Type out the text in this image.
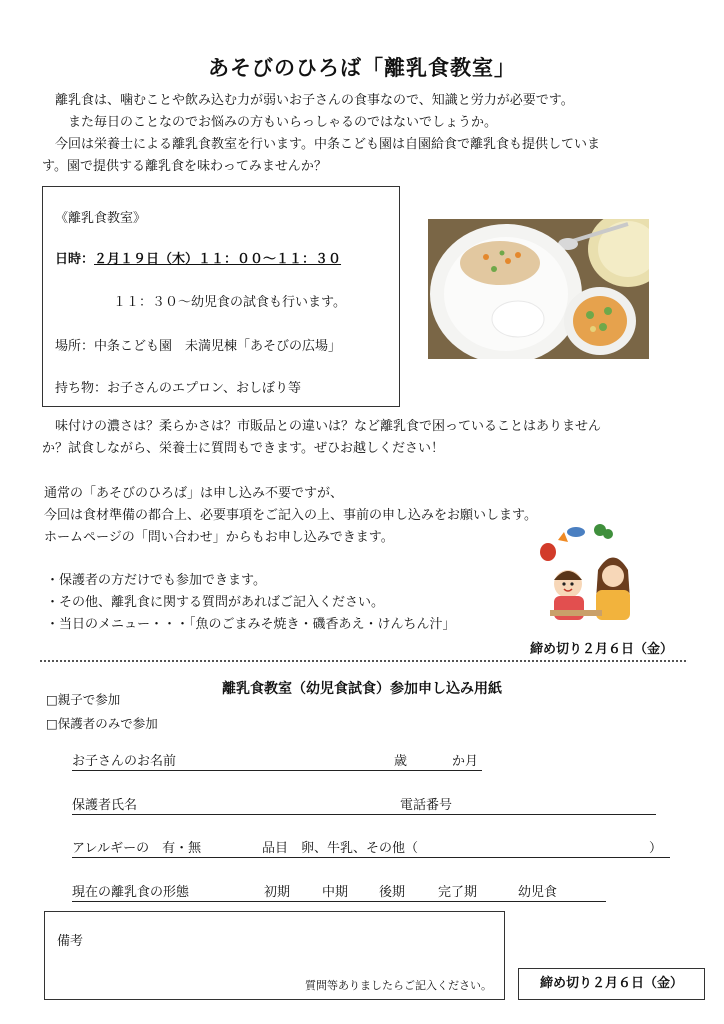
あそびのひろば「離乳食教室」
　離乳食は、噛むことや飲み込む力が弱いお子さんの食事なので、知識と労力が必要です。
　　また毎日のことなのでお悩みの方もいらっしゃるのではないでしょうか。
　今回は栄養士による離乳食教室を行います。中条こども園は自園給食で離乳食も提供していま
す。園で提供する離乳食を味わってみませんか？
《離乳食教室》
日時：２月１９日（木）１１：００～１１：３０
１１：３０～幼児食の試食も行います。
場所：中条こども園　未満児棟「あそびの広場」
持ち物：お子さんのエプロン、おしぼり等
　味付けの濃さは？柔らかさは？市販品との違いは？など離乳食で困っていることはありません
か？試食しながら、栄養士に質問もできます。ぜひお越しください！
通常の「あそびのひろば」は申し込み不要ですが、
今回は食材準備の都合上、必要事項をご記入の上、事前の申し込みをお願いします。
ホームページの「問い合わせ」からもお申し込みできます。
・保護者の方だけでも参加できます。
・その他、離乳食に関する質問があればご記入ください。
・当日のメニュー・・・「魚のごまみそ焼き・磯香あえ・けんちん汁」
締め切り２月６日（金）
離乳食教室（幼児食試食）参加申し込み用紙
□親子で参加
□保護者のみで参加
お子さんのお名前	歳	か月
保護者氏名	電話番号
アレルギーの　有・無	品目　卵、牛乳、その他（	）
現在の離乳食の形態	初期 中期 後期	完了期	幼児食
備考
質問等ありましたらご記入ください。	締め切り２月６日（金）
